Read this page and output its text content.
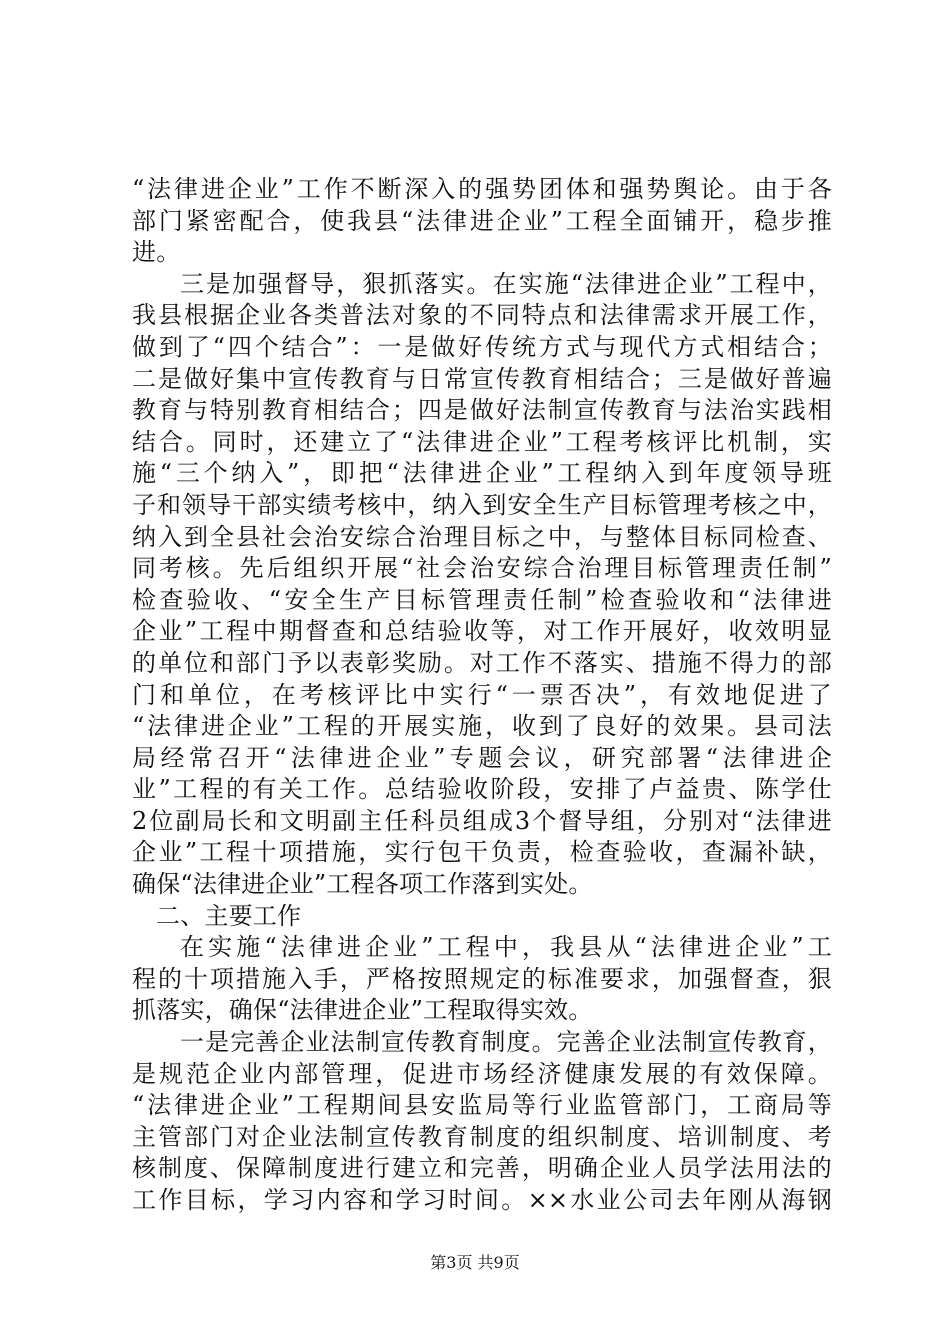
“法律进企业”工作不断深入的强势团体和强势舆论。由于各
部门紧密配合，使我县“法律进企业”工程全面铺开，稳步推
进。
三是加强督导，狠抓落实。在实施“法律进企业”工程中，
我县根据企业各类普法对象的不同特点和法律需求开展工作，
做到了“四个结合”：一是做好传统方式与现代方式相结合；
二是做好集中宣传教育与日常宣传教育相结合；三是做好普遍
教育与特别教育相结合；四是做好法制宣传教育与法治实践相
结合。同时，还建立了“法律进企业”工程考核评比机制，实
施“三个纳入”，即把“法律进企业”工程纳入到年度领导班
子和领导干部实绩考核中，纳入到安全生产目标管理考核之中，
纳入到全县社会治安综合治理目标之中，与整体目标同检查、
同考核。先后组织开展“社会治安综合治理目标管理责任制”
检查验收、“安全生产目标管理责任制”检查验收和“法律进
企业”工程中期督查和总结验收等，对工作开展好，收效明显
的单位和部门予以表彰奖励。对工作不落实、措施不得力的部
门和单位，在考核评比中实行“一票否决”，有效地促进了
“法律进企业”工程的开展实施，收到了良好的效果。县司法
局经常召开“法律进企业”专题会议，研究部署“法律进企
业”工程的有关工作。总结验收阶段，安排了卢益贵、陈学仕
2位副局长和文明副主任科员组成3个督导组，分别对“法律进
企业”工程十项措施，实行包干负责，检查验收，查漏补缺，
确保“法律进企业”工程各项工作落到实处。
二、主要工作
在实施“法律进企业”工程中，我县从“法律进企业”工
程的十项措施入手，严格按照规定的标准要求，加强督查，狠
抓落实，确保“法律进企业”工程取得实效。
一是完善企业法制宣传教育制度。完善企业法制宣传教育，
是规范企业内部管理，促进市场经济健康发展的有效保障。
“法律进企业”工程期间县安监局等行业监管部门，工商局等
主管部门对企业法制宣传教育制度的组织制度、培训制度、考
核制度、保障制度进行建立和完善，明确企业人员学法用法的
工作目标，学习内容和学习时间。××水业公司去年刚从海钢
第3页 共9页
